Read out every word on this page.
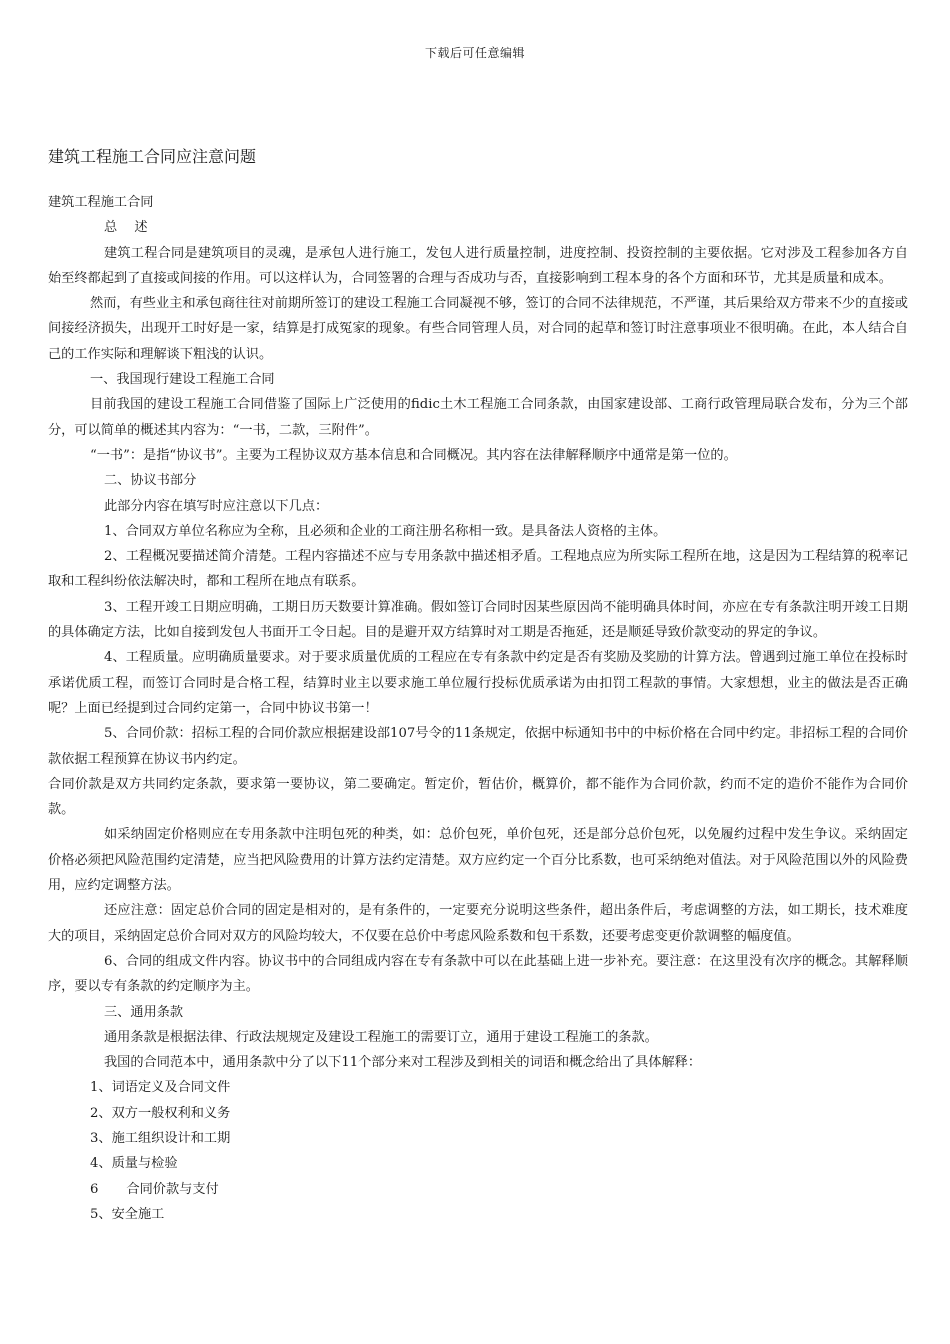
下载后可任意编辑
建筑工程施工合同应注意问题

建筑工程施工合同

总　述

建筑工程合同是建筑项目的灵魂，是承包人进行施工，发包人进行质量控制，进度控制、投资控制的主要依据。它对涉及工程参加各方自始至终都起到了直接或间接的作用。可以这样认为，合同签署的合理与否成功与否，直接影响到工程本身的各个方面和环节，尤其是质量和成本。

然而，有些业主和承包商往往对前期所签订的建设工程施工合同凝视不够，签订的合同不法律规范，不严谨，其后果给双方带来不少的直接或间接经济损失，出现开工时好是一家，结算是打成冤家的现象。有些合同管理人员，对合同的起草和签订时注意事项业不很明确。在此，本人结合自己的工作实际和理解谈下粗浅的认识。

一、我国现行建设工程施工合同

目前我国的建设工程施工合同借鉴了国际上广泛使用的fidic土木工程施工合同条款，由国家建设部、工商行政管理局联合发布，分为三个部分，可以简单的概述其内容为：“一书，二款，三附件”。

“一书”：是指“协议书”。主要为工程协议双方基本信息和合同概况。其内容在法律解释顺序中通常是第一位的。

二、协议书部分

此部分内容在填写时应注意以下几点：

1、合同双方单位名称应为全称，且必须和企业的工商注册名称相一致。是具备法人资格的主体。

2、工程概况要描述简介清楚。工程内容描述不应与专用条款中描述相矛盾。工程地点应为所实际工程所在地，这是因为工程结算的税率记取和工程纠纷依法解决时，都和工程所在地点有联系。

3、工程开竣工日期应明确，工期日历天数要计算准确。假如签订合同时因某些原因尚不能明确具体时间，亦应在专有条款注明开竣工日期的具体确定方法，比如自接到发包人书面开工令日起。目的是避开双方结算时对工期是否拖延，还是顺延导致价款变动的界定的争议。

4、工程质量。应明确质量要求。对于要求质量优质的工程应在专有条款中约定是否有奖励及奖励的计算方法。曾遇到过施工单位在投标时承诺优质工程，而签订合同时是合格工程，结算时业主以要求施工单位履行投标优质承诺为由扣罚工程款的事情。大家想想，业主的做法是否正确呢？上面已经提到过合同约定第一，合同中协议书第一！

5、合同价款：招标工程的合同价款应根据建设部107号令的11条规定，依据中标通知书中的中标价格在合同中约定。非招标工程的合同价款依据工程预算在协议书内约定。

合同价款是双方共同约定条款，要求第一要协议，第二要确定。暂定价，暂估价，概算价，都不能作为合同价款，约而不定的造价不能作为合同价款。

如采纳固定价格则应在专用条款中注明包死的种类，如：总价包死，单价包死，还是部分总价包死，以免履约过程中发生争议。采纳固定价格必须把风险范围约定清楚，应当把风险费用的计算方法约定清楚。双方应约定一个百分比系数，也可采纳绝对值法。对于风险范围以外的风险费用，应约定调整方法。

还应注意：固定总价合同的固定是相对的，是有条件的，一定要充分说明这些条件，超出条件后，考虑调整的方法，如工期长，技术难度大的项目，采纳固定总价合同对双方的风险均较大，不仅要在总价中考虑风险系数和包干系数，还要考虑变更价款调整的幅度值。

6、合同的组成文件内容。协议书中的合同组成内容在专有条款中可以在此基础上进一步补充。要注意：在这里没有次序的概念。其解释顺序，要以专有条款的约定顺序为主。

三、通用条款

通用条款是根据法律、行政法规规定及建设工程施工的需要订立，通用于建设工程施工的条款。

我国的合同范本中，通用条款中分了以下11个部分来对工程涉及到相关的词语和概念给出了具体解释：

1、词语定义及合同文件

2、双方一般权利和义务

3、施工组织设计和工期

4、质量与检验

6 合同价款与支付

5、安全施工
